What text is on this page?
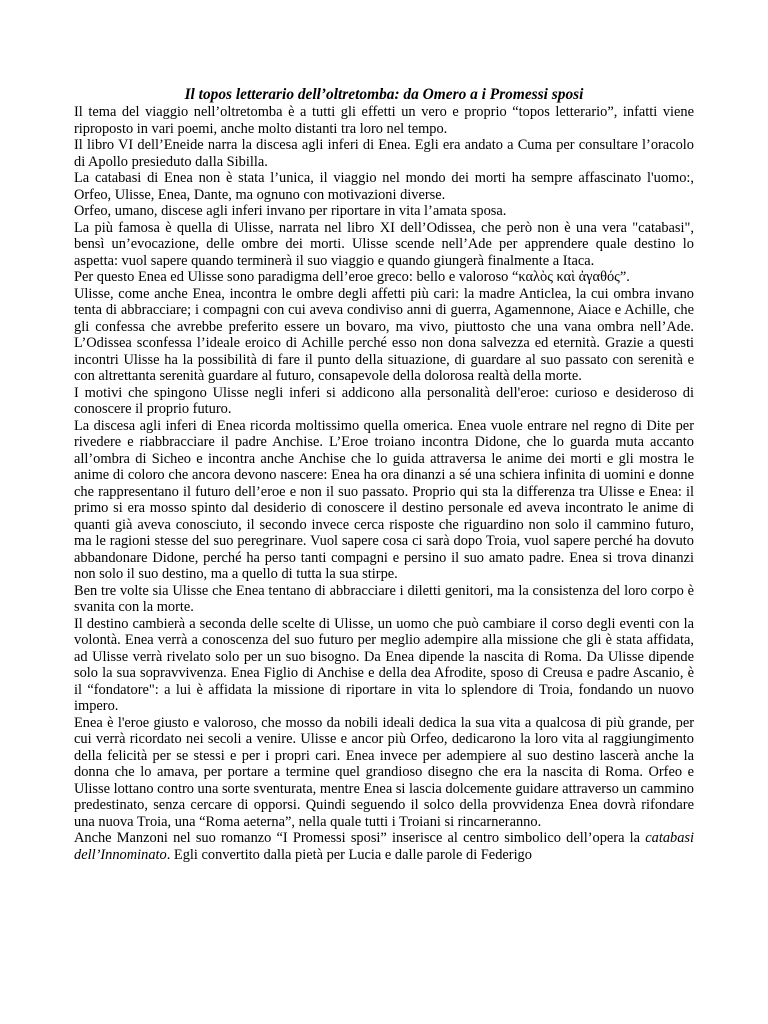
Il topos letterario dell’oltretomba: da Omero a i Promessi sposi

Il tema del viaggio nell’oltretomba è a tutti gli effetti un vero e proprio “topos letterario”, infatti viene riproposto in vari poemi, anche molto distanti tra loro nel tempo.

Il libro VI dell’Eneide narra la discesa agli inferi di Enea. Egli era andato a Cuma per consultare l’oracolo di Apollo presieduto dalla Sibilla.

La catabasi di Enea non è stata l’unica, il viaggio nel mondo dei morti ha sempre affascinato l'uomo:, Orfeo, Ulisse, Enea, Dante, ma ognuno con motivazioni diverse.

Orfeo, umano, discese agli inferi invano per riportare in vita l’amata sposa.

La più famosa è quella di Ulisse, narrata nel libro XI dell’Odissea, che però non è una vera "catabasi", bensì un’evocazione, delle ombre dei morti. Ulisse scende nell’Ade per apprendere quale destino lo aspetta: vuol sapere quando terminerà il suo viaggio e quando giungerà finalmente a Itaca.

Per questo Enea ed Ulisse sono paradigma dell’eroe greco: bello e valoroso “καλὸς καὶ ἀγαθός”.

Ulisse, come anche Enea, incontra le ombre degli affetti più cari: la madre Anticlea, la cui ombra invano tenta di abbracciare; i compagni con cui aveva condiviso anni di guerra, Agamennone, Aiace e Achille, che gli confessa che avrebbe preferito essere un bovaro, ma vivo, piuttosto che una vana ombra nell’Ade. L’Odissea sconfessa l’ideale eroico di Achille perché esso non dona salvezza ed eternità. Grazie a questi incontri Ulisse ha la possibilità di fare il punto della situazione, di guardare al suo passato con serenità e con altrettanta serenità guardare al futuro, consapevole della dolorosa realtà della morte.

I motivi che spingono Ulisse negli inferi si addicono alla personalità dell'eroe: curioso e desideroso di conoscere il proprio futuro.

La discesa agli inferi di Enea ricorda moltissimo quella omerica. Enea vuole entrare nel regno di Dite per rivedere e riabbracciare il padre Anchise. L’Eroe troiano incontra Didone, che lo guarda muta accanto all’ombra di Sicheo e incontra anche Anchise che lo guida attraversa le anime dei morti e gli mostra le anime di coloro che ancora devono nascere: Enea ha ora dinanzi a sé una schiera infinita di uomini e donne che rappresentano il futuro dell’eroe e non il suo passato. Proprio qui sta la differenza tra Ulisse e Enea: il primo si era mosso spinto dal desiderio di conoscere il destino personale ed aveva incontrato le anime di quanti già aveva conosciuto, il secondo invece cerca risposte che riguardino non solo il cammino futuro, ma le ragioni stesse del suo peregrinare. Vuol sapere cosa ci sarà dopo Troia, vuol sapere perché ha dovuto abbandonare Didone, perché ha perso tanti compagni e persino il suo amato padre. Enea si trova dinanzi non solo il suo destino, ma a quello di tutta la sua stirpe.

Ben tre volte sia Ulisse che Enea tentano di abbracciare i diletti genitori, ma la consistenza del loro corpo è svanita con la morte.

Il destino cambierà a seconda delle scelte di Ulisse, un uomo che può cambiare il corso degli eventi con la volontà. Enea verrà a conoscenza del suo futuro per meglio adempire alla missione che gli è stata affidata, ad Ulisse verrà rivelato solo per un suo bisogno. Da Enea dipende la nascita di Roma. Da Ulisse dipende solo la sua sopravvivenza. Enea Figlio di Anchise e della dea Afrodite, sposo di Creusa e padre Ascanio, è il “fondatore": a lui è affidata la missione di riportare in vita lo splendore di Troia, fondando un nuovo impero.

Enea è l'eroe giusto e valoroso, che mosso da nobili ideali dedica la sua vita a qualcosa di più grande, per cui verrà ricordato nei secoli a venire. Ulisse e ancor più Orfeo, dedicarono la loro vita al raggiungimento della felicità per se stessi e per i propri cari. Enea invece per adempiere al suo destino lascerà anche la donna che lo amava, per portare a termine quel grandioso disegno che era la nascita di Roma. Orfeo e Ulisse lottano contro una sorte sventurata, mentre Enea si lascia dolcemente guidare attraverso un cammino predestinato, senza cercare di opporsi. Quindi seguendo il solco della provvidenza Enea dovrà rifondare una nuova Troia, una “Roma aeterna”, nella quale tutti i Troiani si rincarneranno.

Anche Manzoni nel suo romanzo “I Promessi sposi” inserisce al centro simbolico dell’opera la catabasi dell’Innominato. Egli convertito dalla pietà per Lucia e dalle parole di Federigo
